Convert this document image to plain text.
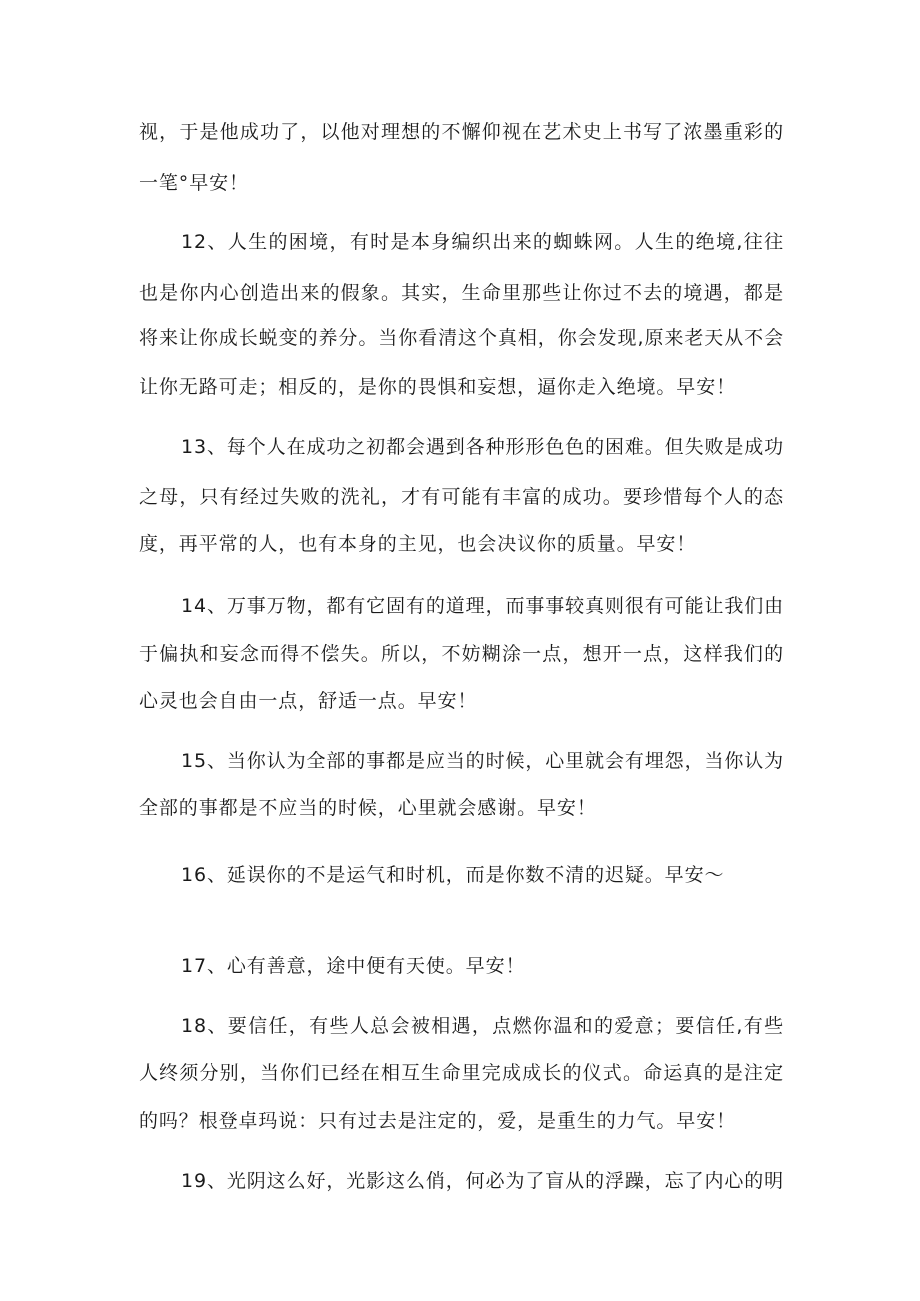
视，于是他成功了，以他对理想的不懈仰视在艺术史上书写了浓墨重彩的
一笔°早安！
12、人生的困境，有时是本身编织出来的蜘蛛网。人生的绝境,往往
也是你内心创造出来的假象。其实，生命里那些让你过不去的境遇，都是
将来让你成长蜕变的养分。当你看清这个真相，你会发现,原来老天从不会
让你无路可走；相反的，是你的畏惧和妄想，逼你走入绝境。早安！
13、每个人在成功之初都会遇到各种形形色色的困难。但失败是成功
之母，只有经过失败的洗礼，才有可能有丰富的成功。要珍惜每个人的态
度，再平常的人，也有本身的主见，也会决议你的质量。早安！
14、万事万物，都有它固有的道理，而事事较真则很有可能让我们由
于偏执和妄念而得不偿失。所以，不妨糊涂一点，想开一点，这样我们的
心灵也会自由一点，舒适一点。早安！
15、当你认为全部的事都是应当的时候，心里就会有埋怨，当你认为
全部的事都是不应当的时候，心里就会感谢。早安！
16、延误你的不是运气和时机，而是你数不清的迟疑。早安～
17、心有善意，途中便有天使。早安！
18、要信任，有些人总会被相遇，点燃你温和的爱意；要信任,有些
人终须分别，当你们已经在相互生命里完成成长的仪式。命运真的是注定
的吗？根登卓玛说：只有过去是注定的，爱，是重生的力气。早安！
19、光阴这么好，光影这么俏，何必为了盲从的浮躁，忘了内心的明
